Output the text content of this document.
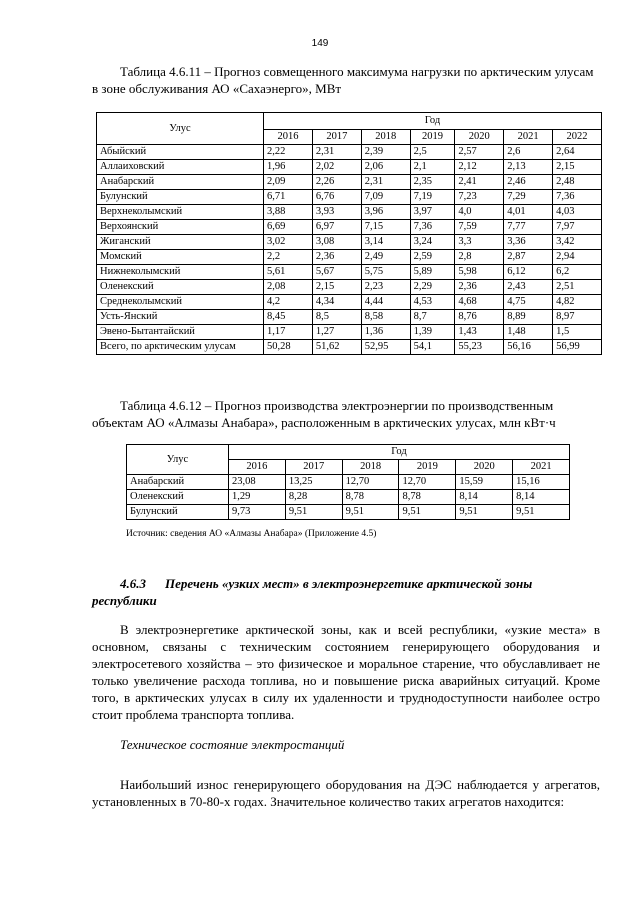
149
Таблица 4.6.11 – Прогноз совмещенного максимума нагрузки по арктическим улусам в зоне обслуживания АО «Сахаэнерго», МВт
Улус	Год						
	2016	2017	2018	2019	2020	2021	2022
Абыйский	2,22	2,31	2,39	2,5	2,57	2,6	2,64
Аллаиховский	1,96	2,02	2,06	2,1	2,12	2,13	2,15
Анабарский	2,09	2,26	2,31	2,35	2,41	2,46	2,48
Булунский	6,71	6,76	7,09	7,19	7,23	7,29	7,36
Верхнеколымский	3,88	3,93	3,96	3,97	4,0	4,01	4,03
Верхоянский	6,69	6,97	7,15	7,36	7,59	7,77	7,97
Жиганский	3,02	3,08	3,14	3,24	3,3	3,36	3,42
Момский	2,2	2,36	2,49	2,59	2,8	2,87	2,94
Нижнеколымский	5,61	5,67	5,75	5,89	5,98	6,12	6,2
Оленекский	2,08	2,15	2,23	2,29	2,36	2,43	2,51
Среднеколымский	4,2	4,34	4,44	4,53	4,68	4,75	4,82
Усть-Янский	8,45	8,5	8,58	8,7	8,76	8,89	8,97
Эвено-Бытантайский	1,17	1,27	1,36	1,39	1,43	1,48	1,5
Всего, по арктическим улусам	50,28	51,62	52,95	54,1	55,23	56,16	56,99
Таблица 4.6.12 – Прогноз производства электроэнергии по производственным объектам АО «Алмазы Анабара», расположенным в арктических улусах, млн кВт·ч
Улус	Год					
	2016	2017	2018	2019	2020	2021
Анабарский	23,08	13,25	12,70	12,70	15,59	15,16
Оленекский	1,29	8,28	8,78	8,78	8,14	8,14
Булунский	9,73	9,51	9,51	9,51	9,51	9,51
Источник: сведения АО «Алмазы Анабара» (Приложение 4.5)
4.6.3 Перечень «узких мест» в электроэнергетике арктической зоны республики
В электроэнергетике арктической зоны, как и всей республики, «узкие места» в основном, связаны с техническим состоянием генерирующего оборудования и электросетевого хозяйства – это физическое и моральное старение, что обуславливает не только увеличение расхода топлива, но и повышение риска аварийных ситуаций. Кроме того, в арктических улусах в силу их удаленности и труднодоступности наиболее остро стоит проблема транспорта топлива.
Техническое состояние электростанций
Наибольший износ генерирующего оборудования на ДЭС наблюдается у агрегатов, установленных в 70-80-х годах. Значительное количество таких агрегатов находится:
